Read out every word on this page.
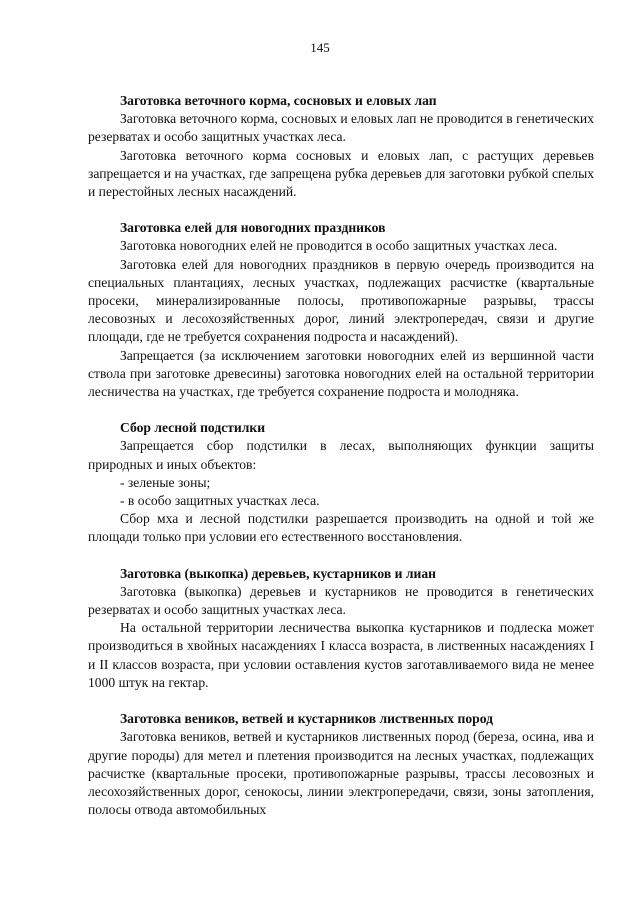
145

Заготовка веточного корма, сосновых и еловых лап

Заготовка веточного корма, сосновых и еловых лап не проводится в генетических резерватах и особо защитных участках леса.

Заготовка веточного корма сосновых и еловых лап, с растущих деревьев запрещается и на участках, где запрещена рубка деревьев для заготовки рубкой спелых и перестойных лесных насаждений.

Заготовка елей для новогодних праздников

Заготовка новогодних елей не проводится в особо защитных участках леса.

Заготовка елей для новогодних праздников в первую очередь производится на специальных плантациях, лесных участках, подлежащих расчистке (квартальные просеки, минерализированные полосы, противопожарные разрывы, трассы лесовозных и лесохозяйственных дорог, линий электропередач, связи и другие площади, где не требуется сохранения подроста и насаждений).

Запрещается (за исключением заготовки новогодних елей из вершинной части ствола при заготовке древесины) заготовка новогодних елей на остальной территории лесничества на участках, где требуется сохранение подроста и молодняка.

Сбор лесной подстилки

Запрещается сбор подстилки в лесах, выполняющих функции защиты природных и иных объектов:

- зеленые зоны;

- в особо защитных участках леса.

Сбор мха и лесной подстилки разрешается производить на одной и той же площади только при условии его естественного восстановления.

Заготовка (выкопка) деревьев, кустарников и лиан

Заготовка (выкопка) деревьев и кустарников не проводится в генетических резерватах и особо защитных участках леса.

На остальной территории лесничества выкопка кустарников и подлеска может производиться в хвойных насаждениях I класса возраста, в лиственных насаждениях I и II классов возраста, при условии оставления кустов заготавливаемого вида не менее 1000 штук на гектар.

Заготовка веников, ветвей и кустарников лиственных пород

Заготовка веников, ветвей и кустарников лиственных пород (береза, осина, ива и другие породы) для метел и плетения производится на лесных участках, подлежащих расчистке (квартальные просеки, противопожарные разрывы, трассы лесовозных и лесохозяйственных дорог, сенокосы, линии электропередачи, связи, зоны затопления, полосы отвода автомобильных
